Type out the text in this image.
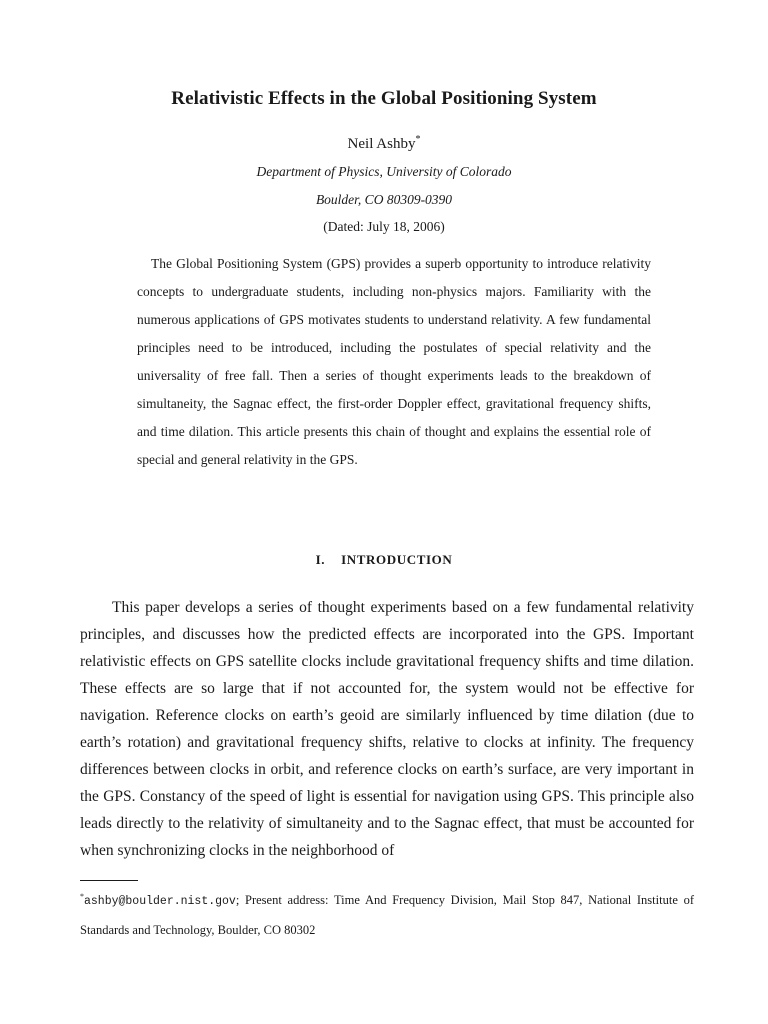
Relativistic Effects in the Global Positioning System
Neil Ashby*
Department of Physics, University of Colorado
Boulder, CO 80309-0390
(Dated: July 18, 2006)

The Global Positioning System (GPS) provides a superb opportunity to introduce relativity concepts to undergraduate students, including non-physics majors. Familiarity with the numerous applications of GPS motivates students to understand relativity. A few fundamental principles need to be introduced, including the postulates of special relativity and the universality of free fall. Then a series of thought experiments leads to the breakdown of simultaneity, the Sagnac effect, the first-order Doppler effect, gravitational frequency shifts, and time dilation. This article presents this chain of thought and explains the essential role of special and general relativity in the GPS.

I. INTRODUCTION

This paper develops a series of thought experiments based on a few fundamental relativity principles, and discusses how the predicted effects are incorporated into the GPS. Important relativistic effects on GPS satellite clocks include gravitational frequency shifts and time dilation. These effects are so large that if not accounted for, the system would not be effective for navigation. Reference clocks on earth’s geoid are similarly influenced by time dilation (due to earth’s rotation) and gravitational frequency shifts, relative to clocks at infinity. The frequency differences between clocks in orbit, and reference clocks on earth’s surface, are very important in the GPS. Constancy of the speed of light is essential for navigation using GPS. This principle also leads directly to the relativity of simultaneity and to the Sagnac effect, that must be accounted for when synchronizing clocks in the neighborhood of

*ashby@boulder.nist.gov; Present address: Time And Frequency Division, Mail Stop 847, National Institute of Standards and Technology, Boulder, CO 80302
